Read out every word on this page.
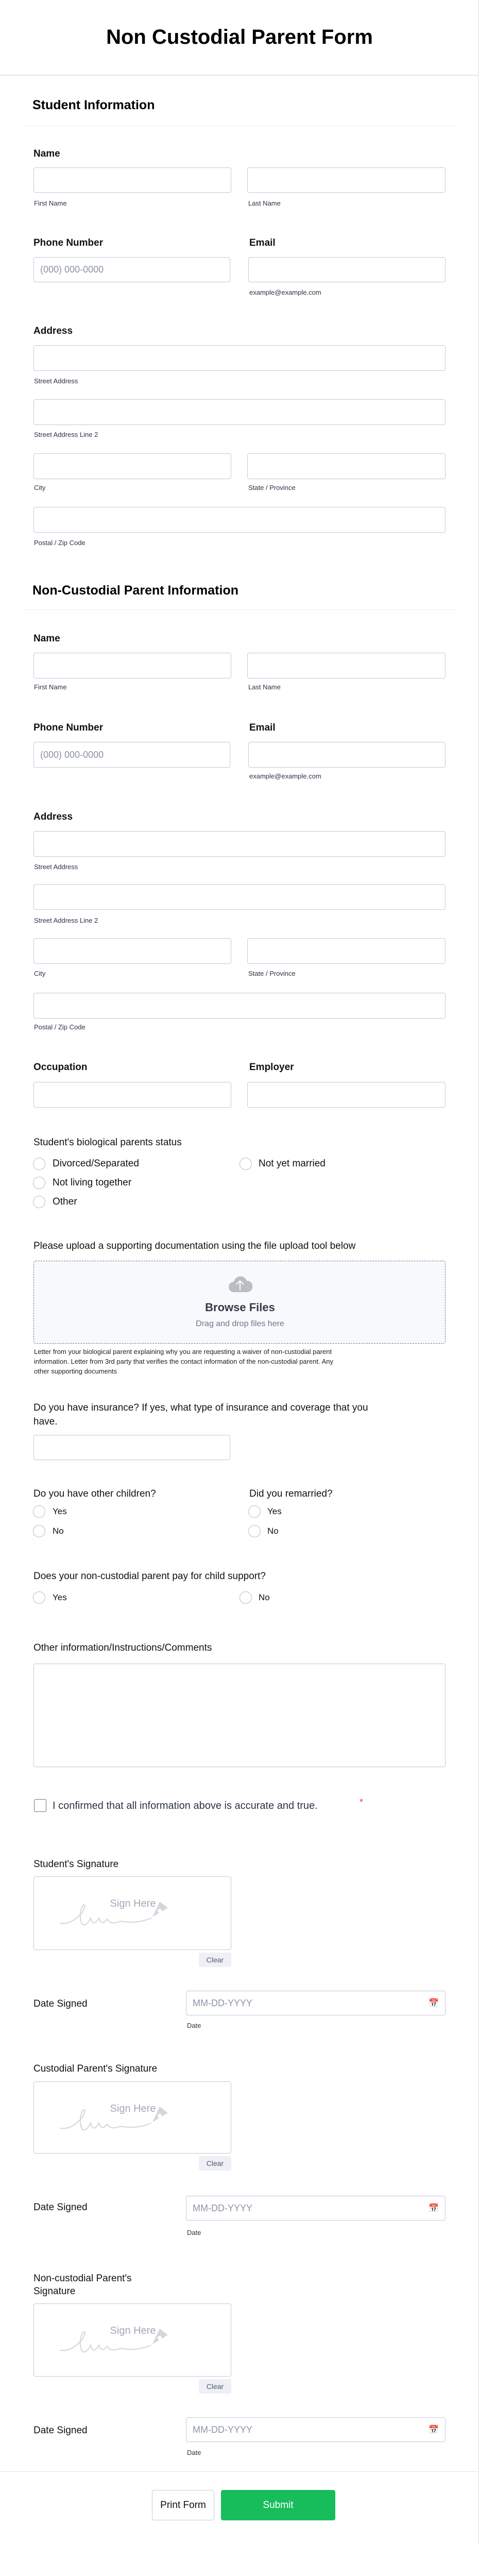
Non Custodial Parent Form
Student Information
Name
First Name	Last Name
Phone Number	Email
(000) 000-0000
example@example.com
Address
Street Address
Street Address Line 2
City	State / Province
Postal / Zip Code
Non-Custodial Parent Information
Name
First Name	Last Name
Phone Number	Email
(000) 000-0000
example@example.com
Address
Street Address
Street Address Line 2
City	State / Province
Postal / Zip Code
Occupation	Employer
Student's biological parents status
Divorced/Separated	Not yet married
Not living together
Other
Please upload a supporting documentation using the file upload tool below
Browse Files
Drag and drop files here
Letter from your biological parent explaining why you are requesting a waiver of non-custodial parent
information. Letter from 3rd party that verifies the contact information of the non-custodial parent. Any
other supporting documents
Do you have insurance? If yes, what type of insurance and coverage that you
have.
Do you have other children?	Did you remarried?
Yes
No
Yes
No
Does your non-custodial parent pay for child support?
Yes	No
Other information/Instructions/Comments
I confirmed that all information above is accurate and true.	*
Student's Signature
Sign Here
Clear
Date Signed	MM-DD-YYYY	📅
Date
Custodial Parent's Signature
Sign Here
Clear
Date Signed	MM-DD-YYYY	📅
Date
Non-custodial Parent's
Signature
Sign Here
Clear
Date Signed	MM-DD-YYYY	📅
Date
Print Form	Submit
